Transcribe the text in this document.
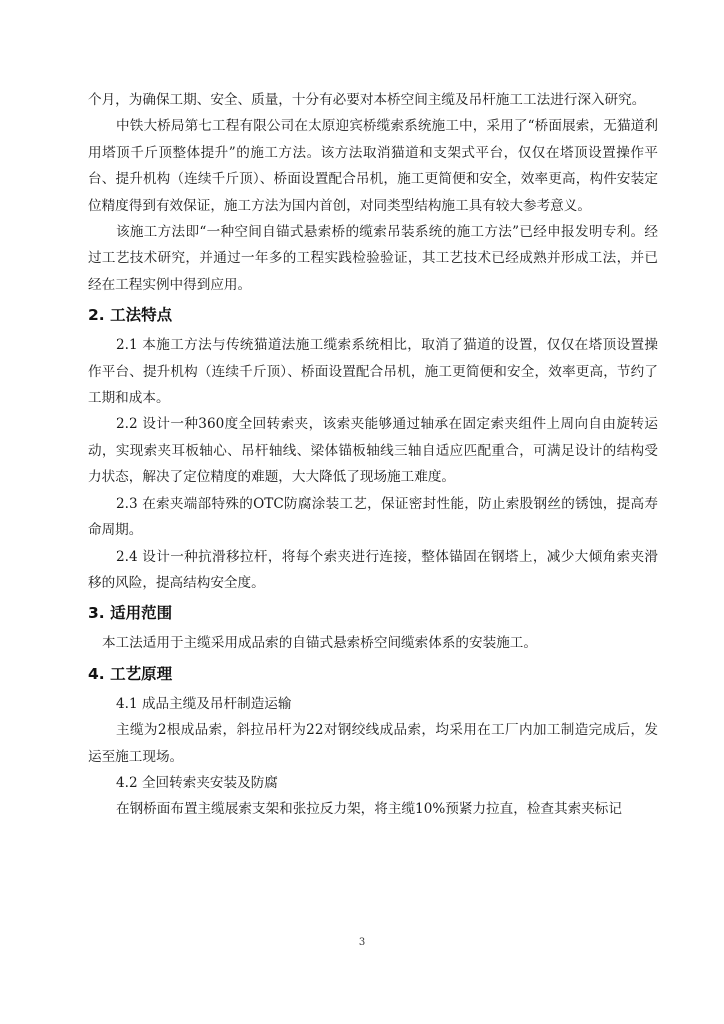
个月，为确保工期、安全、质量，十分有必要对本桥空间主缆及吊杆施工工法进行深入研究。

中铁大桥局第七工程有限公司在太原迎宾桥缆索系统施工中，采用了“桥面展索，无猫道利用塔顶千斤顶整体提升”的施工方法。该方法取消猫道和支架式平台，仅仅在塔顶设置操作平台、提升机构（连续千斤顶）、桥面设置配合吊机，施工更简便和安全，效率更高，构件安装定位精度得到有效保证，施工方法为国内首创，对同类型结构施工具有较大参考意义。

该施工方法即“一种空间自锚式悬索桥的缆索吊装系统的施工方法”已经申报发明专利。经过工艺技术研究，并通过一年多的工程实践检验验证，其工艺技术已经成熟并形成工法，并已经在工程实例中得到应用。

2. 工法特点

2.1 本施工方法与传统猫道法施工缆索系统相比，取消了猫道的设置，仅仅在塔顶设置操作平台、提升机构（连续千斤顶）、桥面设置配合吊机，施工更简便和安全，效率更高，节约了工期和成本。

2.2 设计一种360度全回转索夹，该索夹能够通过轴承在固定索夹组件上周向自由旋转运动，实现索夹耳板轴心、吊杆轴线、梁体锚板轴线三轴自适应匹配重合，可满足设计的结构受力状态，解决了定位精度的难题，大大降低了现场施工难度。

2.3 在索夹端部特殊的OTC防腐涂装工艺，保证密封性能，防止索股钢丝的锈蚀，提高寿命周期。

2.4 设计一种抗滑移拉杆，将每个索夹进行连接，整体锚固在钢塔上，减少大倾角索夹滑移的风险，提高结构安全度。

3. 适用范围

本工法适用于主缆采用成品索的自锚式悬索桥空间缆索体系的安装施工。

4. 工艺原理

4.1 成品主缆及吊杆制造运输

主缆为2根成品索，斜拉吊杆为22对钢绞线成品索，均采用在工厂内加工制造完成后，发运至施工现场。

4.2 全回转索夹安装及防腐

在钢桥面布置主缆展索支架和张拉反力架，将主缆10%预紧力拉直，检查其索夹标记

3
